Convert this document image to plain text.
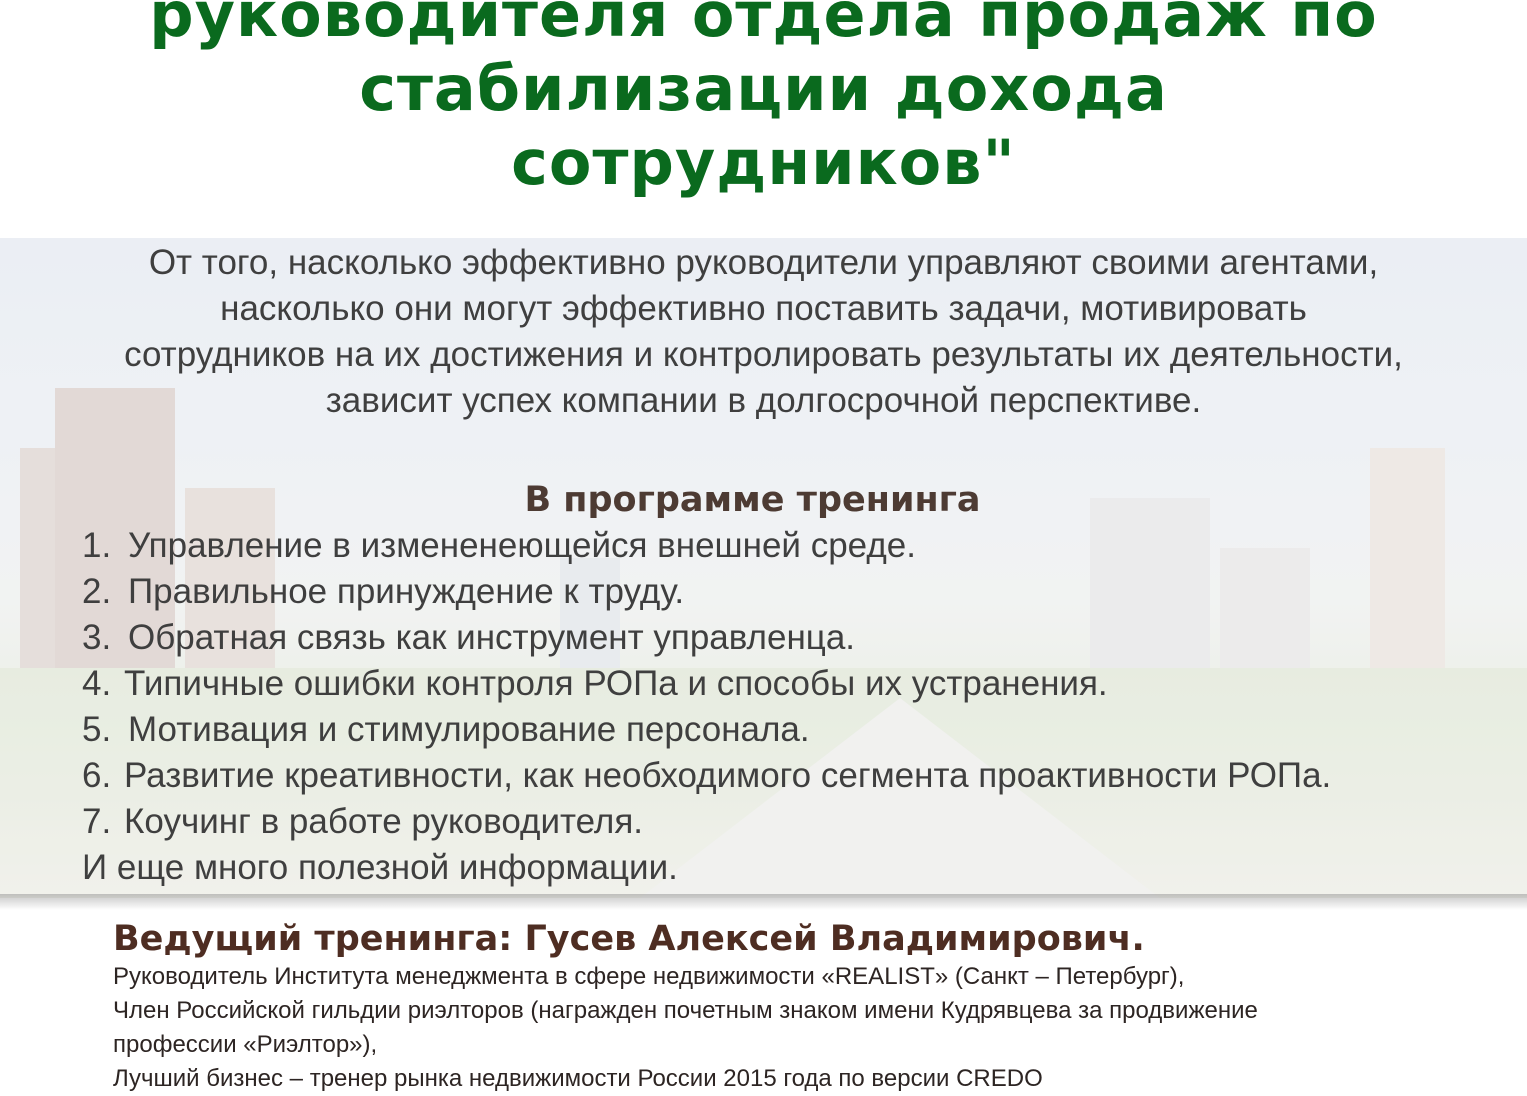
руководителя отдела продаж по
стабилизации дохода
сотрудников"
От того, насколько эффективно руководители управляют своими агентами,
насколько они могут эффективно поставить задачи, мотивировать
сотрудников на их достижения и контролировать результаты их деятельности,
зависит успех компании в долгосрочной перспективе.
В программе тренинга
1. Управление в измененеющейся внешней среде.
2. Правильное принуждение к труду.
3. Обратная связь как инструмент управленца.
4. Типичные ошибки контроля РОПа и способы их устранения.
5. Мотивация и стимулирование персонала.
6. Развитие креативности, как необходимого сегмента проактивности РОПа.
7. Коучинг в работе руководителя.
И еще много полезной информации.
Ведущий тренинга: Гусев Алексей Владимирович.
Руководитель Института менеджмента в сфере недвижимости «REALIST» (Санкт – Петербург),
Член Российской гильдии риэлторов (награжден почетным знаком имени Кудрявцева за продвижение
профессии «Риэлтор»),
Лучший бизнес – тренер рынка недвижимости России 2015 года по версии CREDO
